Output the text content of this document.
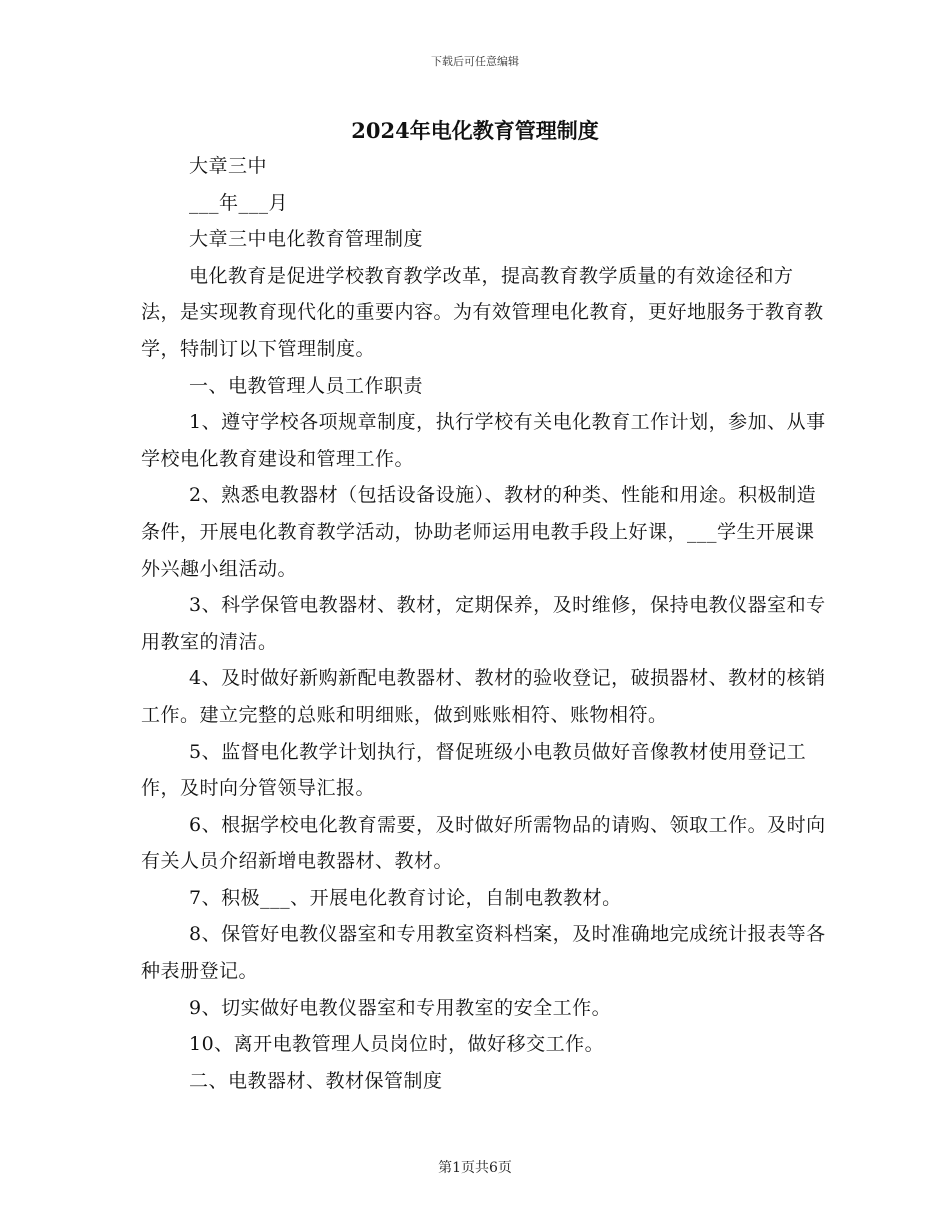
下载后可任意编辑
2024年电化教育管理制度

大章三中

___年___月

大章三中电化教育管理制度

电化教育是促进学校教育教学改革，提高教育教学质量的有效途径和方法，是实现教育现代化的重要内容。为有效管理电化教育，更好地服务于教育教学，特制订以下管理制度。

一、电教管理人员工作职责

1、遵守学校各项规章制度，执行学校有关电化教育工作计划，参加、从事学校电化教育建设和管理工作。

2、熟悉电教器材（包括设备设施）、教材的种类、性能和用途。积极制造条件，开展电化教育教学活动，协助老师运用电教手段上好课，___学生开展课外兴趣小组活动。

3、科学保管电教器材、教材，定期保养，及时维修，保持电教仪器室和专用教室的清洁。

4、及时做好新购新配电教器材、教材的验收登记，破损器材、教材的核销工作。建立完整的总账和明细账，做到账账相符、账物相符。

5、监督电化教学计划执行，督促班级小电教员做好音像教材使用登记工作，及时向分管领导汇报。

6、根据学校电化教育需要，及时做好所需物品的请购、领取工作。及时向有关人员介绍新增电教器材、教材。

7、积极___、开展电化教育讨论，自制电教教材。

8、保管好电教仪器室和专用教室资料档案，及时准确地完成统计报表等各种表册登记。

9、切实做好电教仪器室和专用教室的安全工作。

10、离开电教管理人员岗位时，做好移交工作。

二、电教器材、教材保管制度

第1页共6页
